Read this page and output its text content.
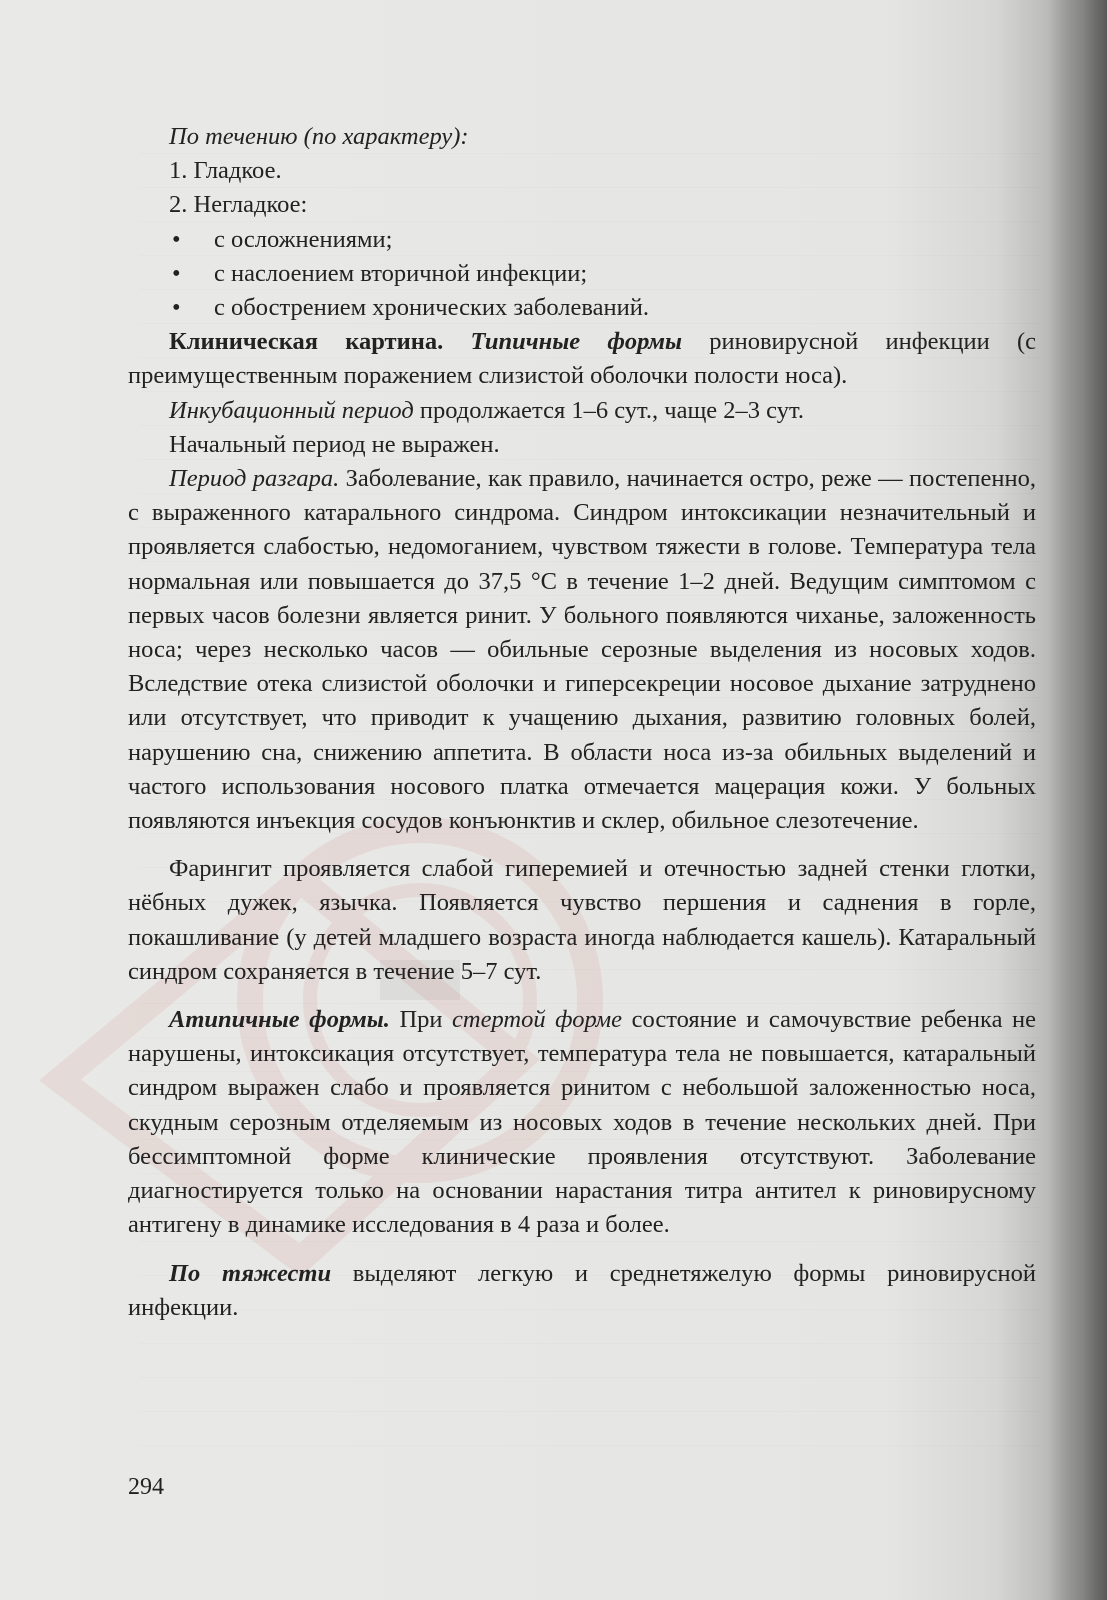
По течению (по характеру):

1. Гладкое.

2. Негладкое:

• с осложнениями;
• с наслоением вторичной инфекции;
• с обострением хронических заболеваний.

Клиническая картина. Типичные формы риновирусной инфекции (с преимущественным поражением слизистой оболочки полости носа).

Инкубационный период продолжается 1–6 сут., чаще 2–3 сут.

Начальный период не выражен.

Период разгара. Заболевание, как правило, начинается остро, реже — постепенно, с выраженного катарального синдрома. Синдром интоксикации незначительный и проявляется слабостью, недомоганием, чувством тяжести в голове. Температура тела нормальная или повышается до 37,5 °C в течение 1–2 дней. Ведущим симптомом с первых часов болезни является ринит. У больного появляются чиханье, заложенность носа; через несколько часов — обильные серозные выделения из носовых ходов. Вследствие отека слизистой оболочки и гиперсекреции носовое дыхание затруднено или отсутствует, что приводит к учащению дыхания, развитию головных болей, нарушению сна, снижению аппетита. В области носа из-за обильных выделений и частого использования носового платка отмечается мацерация кожи. У больных появляются инъекция сосудов конъюнктив и склер, обильное слезотечение.

Фарингит проявляется слабой гиперемией и отечностью задней стенки глотки, нёбных дужек, язычка. Появляется чувство першения и саднения в горле, покашливание (у детей младшего возраста иногда наблюдается кашель). Катаральный синдром сохраняется в течение 5–7 сут.

Атипичные формы. При стертой форме состояние и самочувствие ребенка не нарушены, интоксикация отсутствует, температура тела не повышается, катаральный синдром выражен слабо и проявляется ринитом с небольшой заложенностью носа, скудным серозным отделяемым из носовых ходов в течение нескольких дней. При бессимптомной форме клинические проявления отсутствуют. Заболевание диагностируется только на основании нарастания титра антител к риновирусному антигену в динамике исследования в 4 раза и более.

По тяжести выделяют легкую и среднетяжелую формы риновирусной инфекции.

294
